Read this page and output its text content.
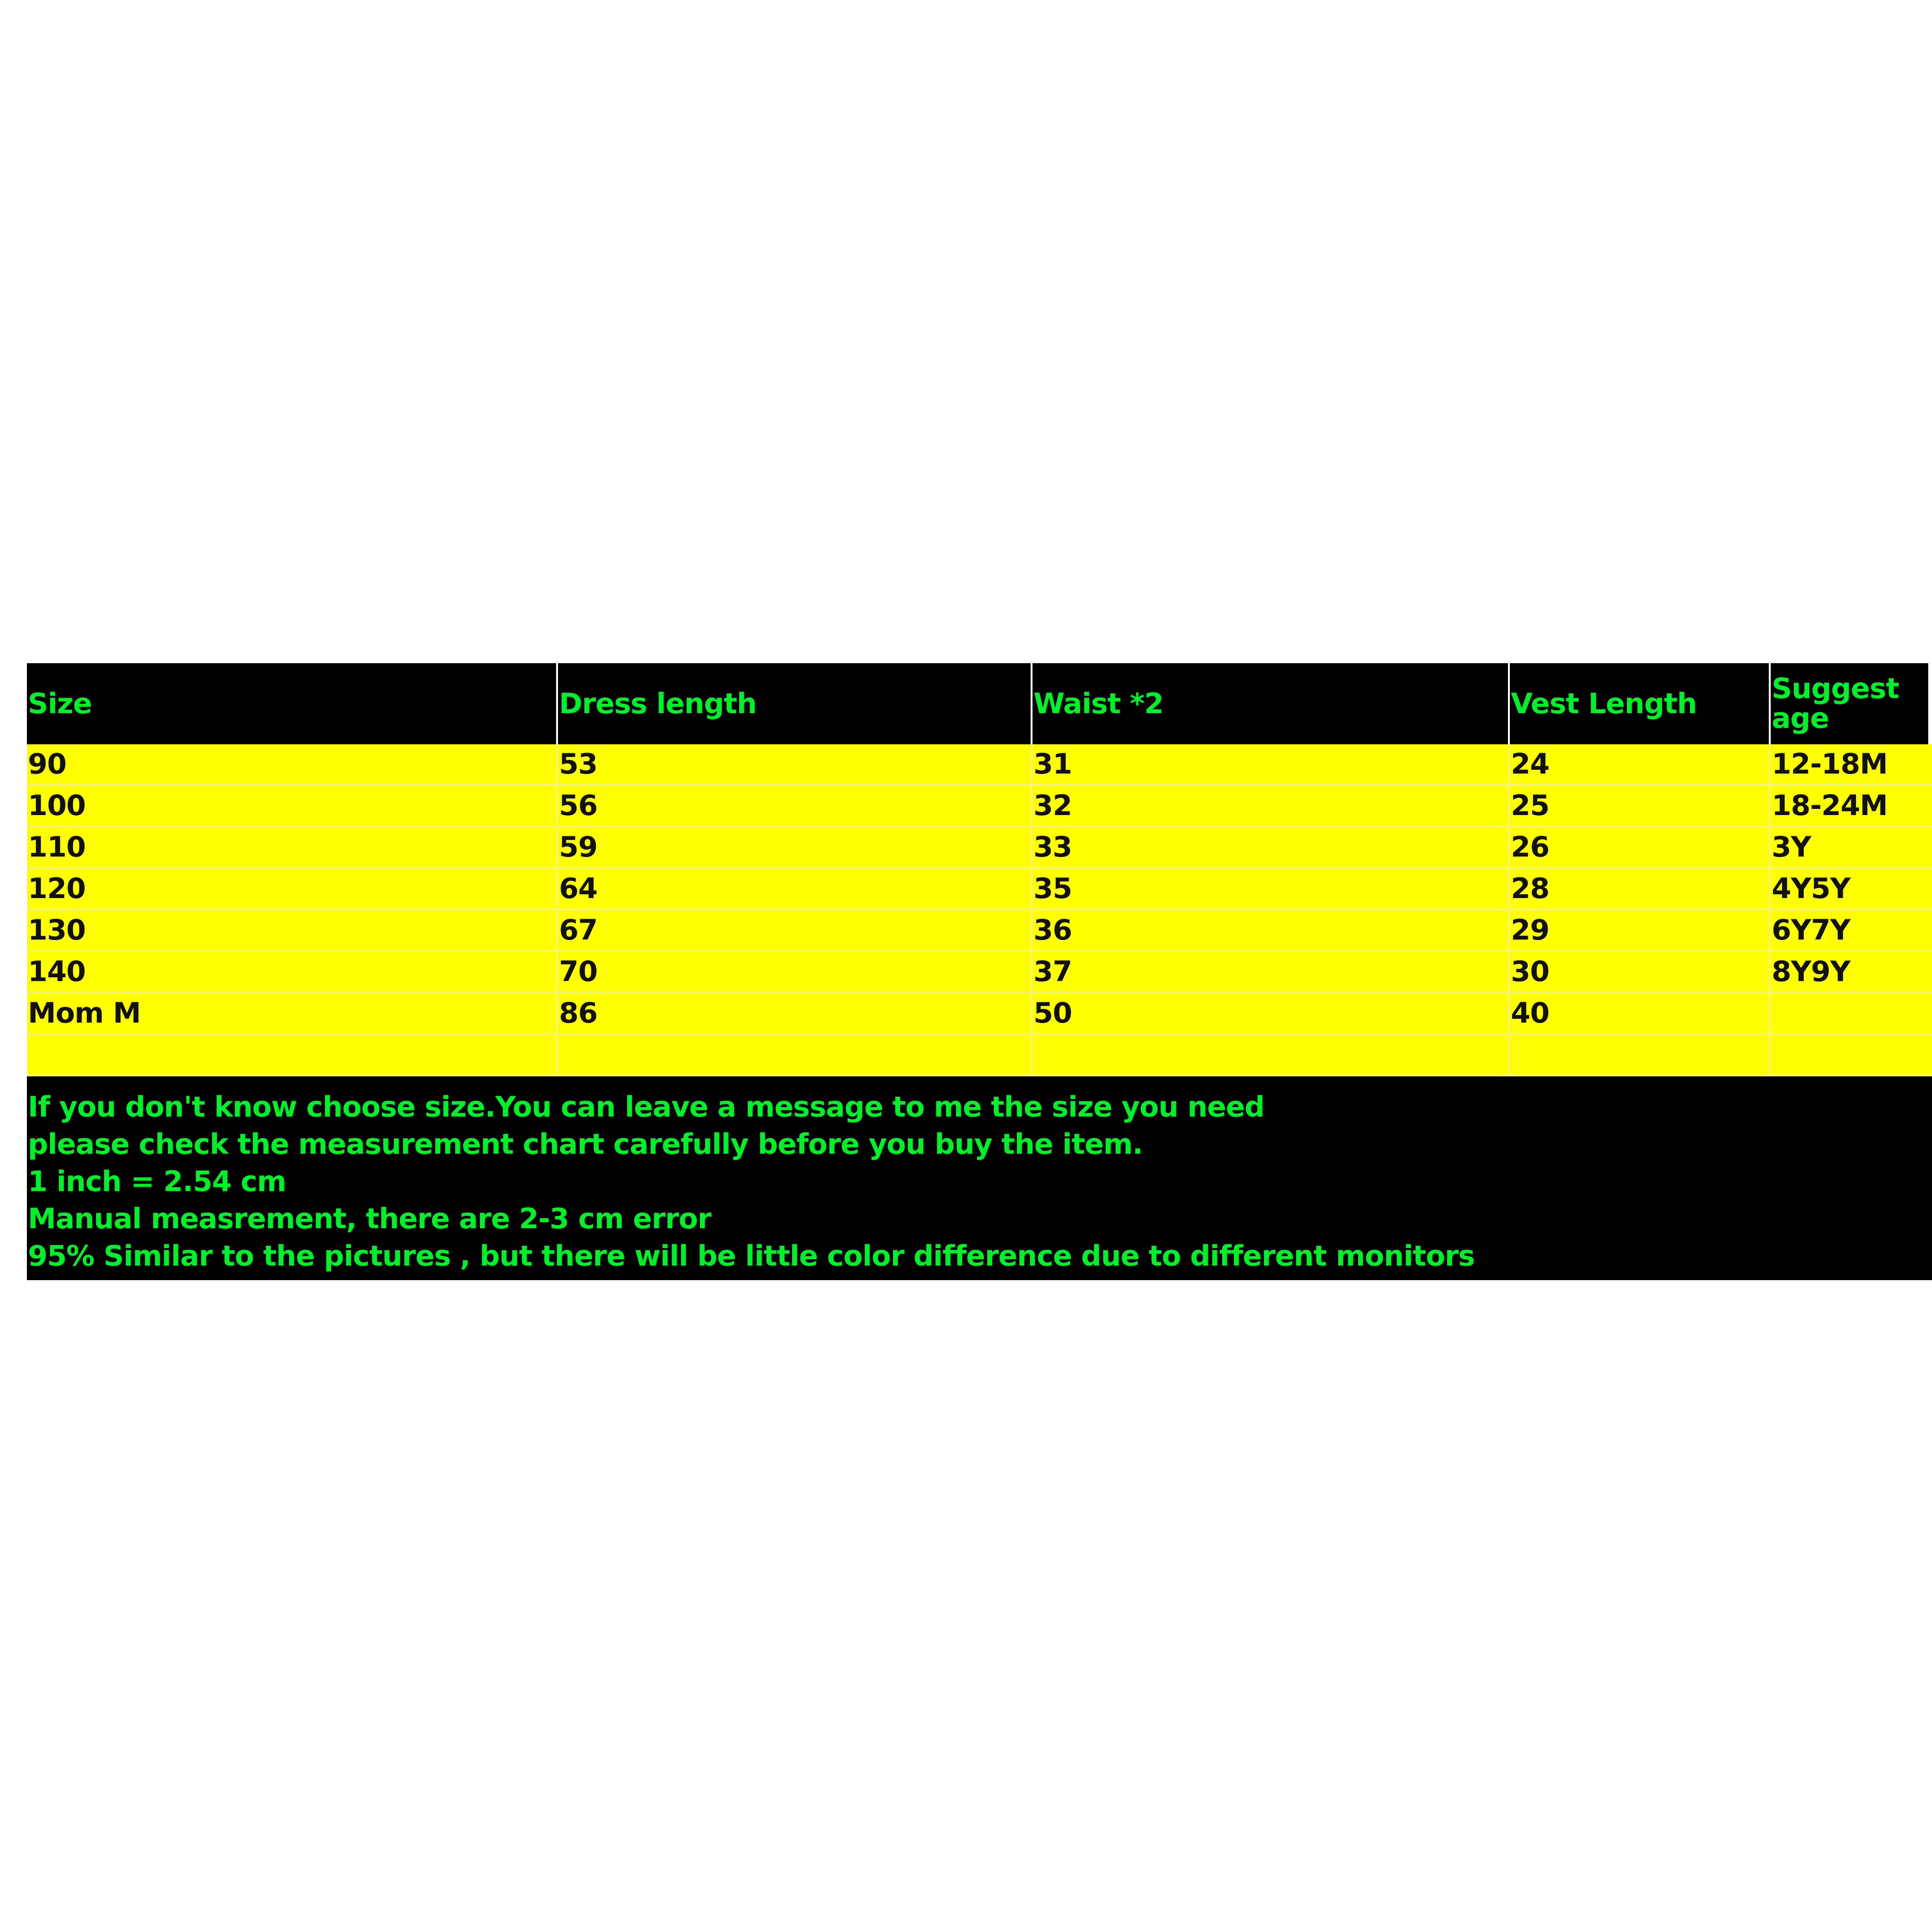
Size	Dress length	Waist *2	Vest Length	Suggest age
90	53	31	24	12-18M
100	56	32	25	18-24M
110	59	33	26	3Y
120	64	35	28	4Y5Y
130	67	36	29	6Y7Y
140	70	37	30	8Y9Y
Mom M	86	50	40	

If you don't know choose size.You can leave a message to me the size you need
please check the measurement chart carefully before you buy the item.
1 inch = 2.54 cm
Manual measrement, there are 2-3 cm error
95% Similar to the pictures , but there will be little color difference due to different monitors
